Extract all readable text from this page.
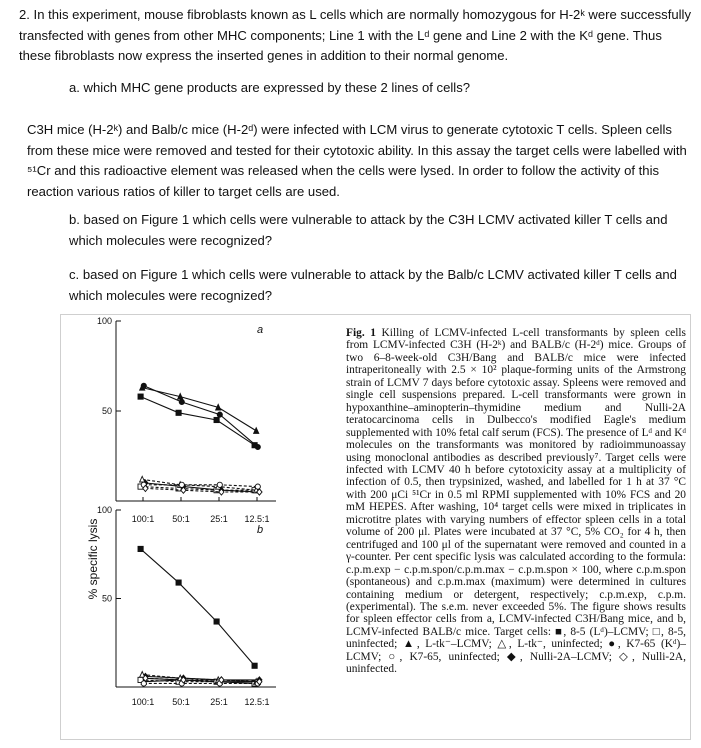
2. In this experiment, mouse fibroblasts known as L cells which are normally homozygous for H-2ᵏ were successfully transfected with genes from other MHC components; Line 1 with the Lᵈ gene and Line 2 with the Kᵈ gene. Thus these fibroblasts now express the inserted genes in addition to their normal genome.
a. which MHC gene products are expressed by these 2 lines of cells?
C3H mice (H-2ᵏ) and Balb/c mice (H-2ᵈ) were infected with LCM virus to generate cytotoxic T cells. Spleen cells from these mice were removed and tested for their cytotoxic ability. In this assay the target cells were labelled with ⁵¹Cr and this radioactive element was released when the cells were lysed. In order to follow the activity of this reaction various ratios of killer to target cells are used.
b. based on Figure 1 which cells were vulnerable to attack by the C3H LCMV activated killer T cells and which molecules were recognized?
c. based on Figure 1 which cells were vulnerable to attack by the Balb/c LCMV activated killer T cells and which molecules were recognized?
% specific lysis
100
50
100:1 50:1 25:1 12.5:1
a
100
50
100:1 50:1 25:1 12.5:1
b
Fig. 1 Killing of LCMV-infected L-cell transformants by spleen cells from LCMV-infected C3H (H-2ᵏ) and BALB/c (H-2ᵈ) mice. Groups of two 6–8-week-old C3H/Bang and BALB/c mice were infected intraperitoneally with 2.5 × 10² plaque-forming units of the Armstrong strain of LCMV 7 days before cytotoxic assay. Spleens were removed and single cell suspensions prepared. L-cell transformants were grown in hypoxanthine–aminopterin–thymidine medium and Nulli-2A teratocarcinoma cells in Dulbecco's modified Eagle's medium supplemented with 10% fetal calf serum (FCS). The presence of Lᵈ and Kᵈ molecules on the transformants was monitored by radioimmunoassay using monoclonal antibodies as described previously⁷. Target cells were infected with LCMV 40 h before cytotoxicity assay at a multiplicity of infection of 0.5, then trypsinized, washed, and labelled for 1 h at 37 °C with 200 μCi ⁵¹Cr in 0.5 ml RPMI supplemented with 10% FCS and 20 mM HEPES. After washing, 10⁴ target cells were mixed in triplicates in microtitre plates with varying numbers of effector spleen cells in a total volume of 200 μl. Plates were incubated at 37 °C, 5% CO₂ for 4 h, then centrifuged and 100 μl of the supernatant were removed and counted in a γ-counter. Per cent specific lysis was calculated according to the formula: c.p.m.exp − c.p.m.spon/c.p.m.max − c.p.m.spon × 100, where c.p.m.spon (spontaneous) and c.p.m.max (maximum) were determined in cultures containing medium or detergent, respectively; c.p.m.exp, c.p.m. (experimental). The s.e.m. never exceeded 5%. The figure shows results for spleen effector cells from a, LCMV-infected C3H/Bang mice, and b, LCMV-infected BALB/c mice. Target cells: ■, 8-5 (Lᵈ)–LCMV; □, 8-5, uninfected; ▲, L-tk⁻–LCMV; △, L-tk⁻, uninfected; ●, K7-65 (Kᵈ)–LCMV; ○, K7-65, uninfected; ◆, Nulli-2A–LCMV; ◇, Nulli-2A, uninfected.
